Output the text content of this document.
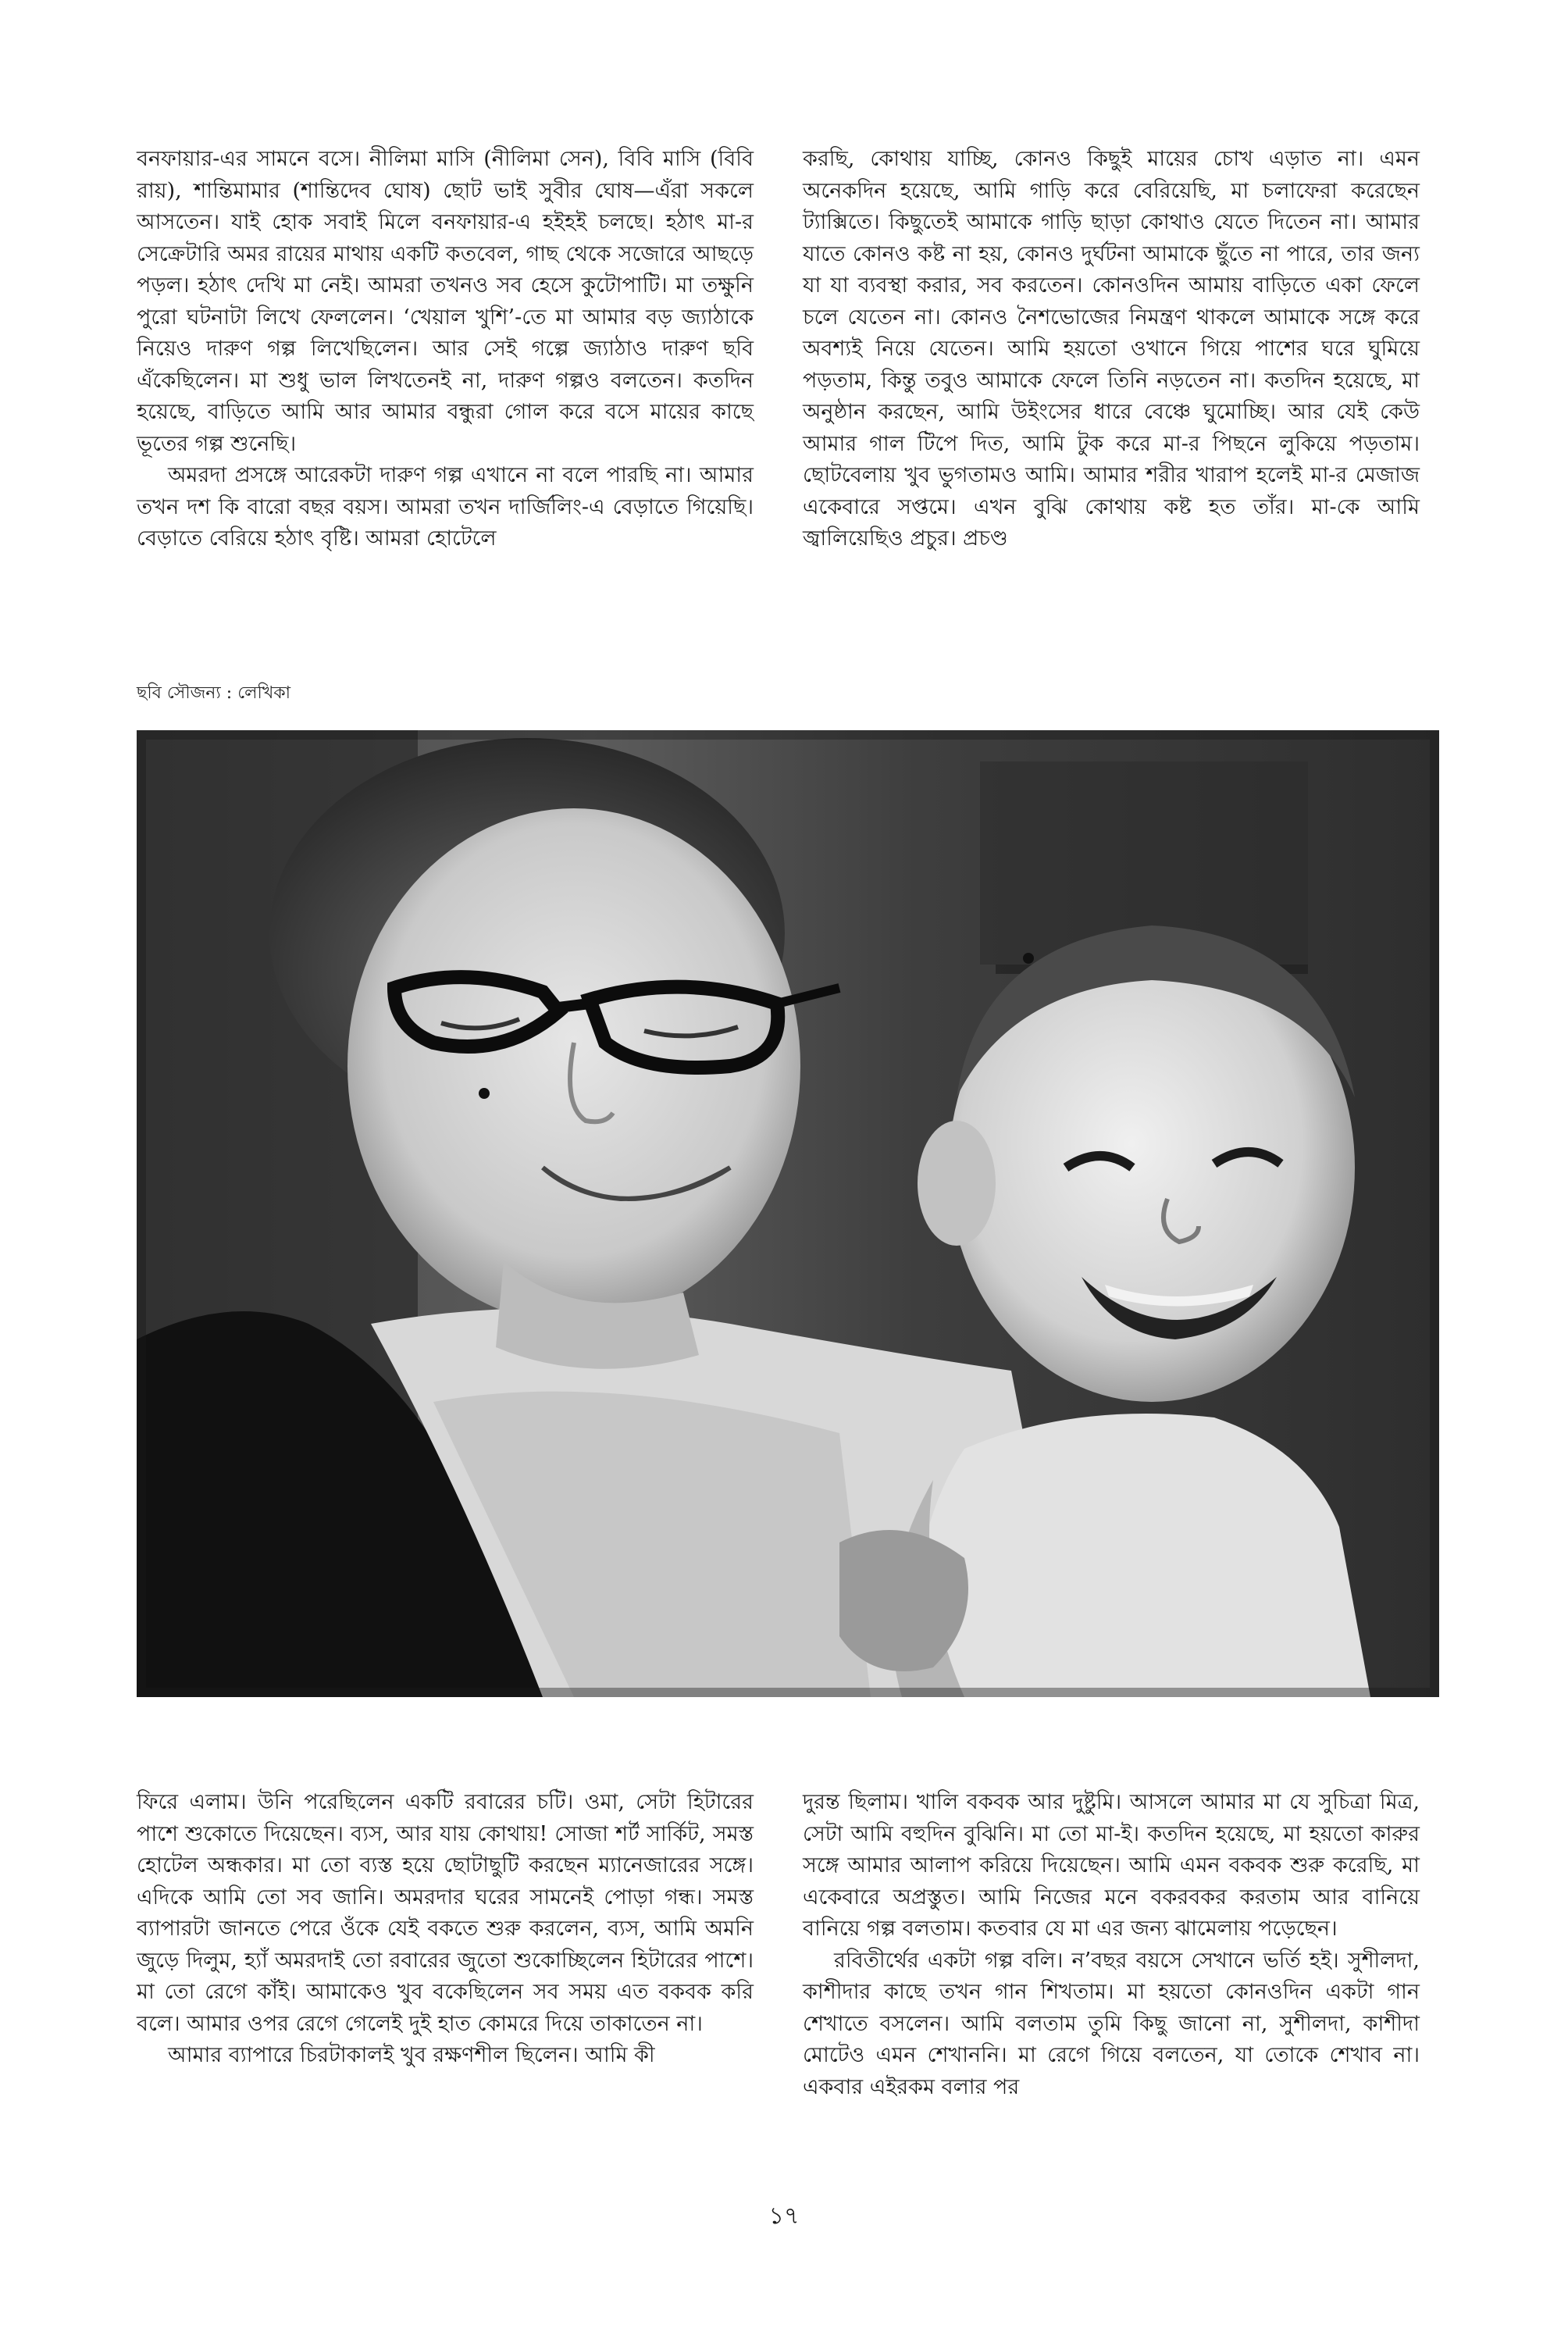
বনফায়ার-এর সামনে বসে। নীলিমা মাসি (নীলিমা সেন), বিবি মাসি (বিবি রায়), শান্তিমামার (শান্তিদেব ঘোষ) ছোট ভাই সুবীর ঘোষ—এঁরা সকলে আসতেন। যাই হোক সবাই মিলে বনফায়ার-এ হইহই চলছে। হঠাৎ মা-র সেক্রেটারি অমর রায়ের মাথায় একটি কতবেল, গাছ থেকে সজোরে আছড়ে পড়ল। হঠাৎ দেখি মা নেই। আমরা তখনও সব হেসে কুটোপাটি। মা তক্ষুনি পুরো ঘটনাটা লিখে ফেললেন। ‘খেয়াল খুশি’-তে মা আমার বড় জ্যাঠাকে নিয়েও দারুণ গল্প লিখেছিলেন। আর সেই গল্পে জ্যাঠাও দারুণ ছবি এঁকেছিলেন। মা শুধু ভাল লিখতেনই না, দারুণ গল্পও বলতেন। কতদিন হয়েছে, বাড়িতে আমি আর আমার বন্ধুরা গোল করে বসে মায়ের কাছে ভূতের গল্প শুনেছি।

অমরদা প্রসঙ্গে আরেকটা দারুণ গল্প এখানে না বলে পারছি না। আমার তখন দশ কি বারো বছর বয়স। আমরা তখন দার্জিলিং-এ বেড়াতে গিয়েছি। বেড়াতে বেরিয়ে হঠাৎ বৃষ্টি। আমরা হোটেলে

করছি, কোথায় যাচ্ছি, কোনও কিছুই মায়ের চোখ এড়াত না। এমন অনেকদিন হয়েছে, আমি গাড়ি করে বেরিয়েছি, মা চলাফেরা করেছেন ট্যাক্সিতে। কিছুতেই আমাকে গাড়ি ছাড়া কোথাও যেতে দিতেন না। আমার যাতে কোনও কষ্ট না হয়, কোনও দুর্ঘটনা আমাকে ছুঁতে না পারে, তার জন্য যা যা ব্যবস্থা করার, সব করতেন। কোনওদিন আমায় বাড়িতে একা ফেলে চলে যেতেন না। কোনও নৈশভোজের নিমন্ত্রণ থাকলে আমাকে সঙ্গে করে অবশ্যই নিয়ে যেতেন। আমি হয়তো ওখানে গিয়ে পাশের ঘরে ঘুমিয়ে পড়তাম, কিন্তু তবুও আমাকে ফেলে তিনি নড়তেন না। কতদিন হয়েছে, মা অনুষ্ঠান করছেন, আমি উইংসের ধারে বেঞ্চে ঘুমোচ্ছি। আর যেই কেউ আমার গাল টিপে দিত, আমি টুক করে মা-র পিছনে লুকিয়ে পড়তাম। ছোটবেলায় খুব ভুগতামও আমি। আমার শরীর খারাপ হলেই মা-র মেজাজ একেবারে সপ্তমে। এখন বুঝি কোথায় কষ্ট হত তাঁর। মা-কে আমি জ্বালিয়েছিও প্রচুর। প্রচণ্ড

ছবি সৌজন্য : লেখিকা

ফিরে এলাম। উনি পরেছিলেন একটি রবারের চটি। ওমা, সেটা হিটারের পাশে শুকোতে দিয়েছেন। ব্যস, আর যায় কোথায়! সোজা শর্ট সার্কিট, সমস্ত হোটেল অন্ধকার। মা তো ব্যস্ত হয়ে ছোটাছুটি করছেন ম্যানেজারের সঙ্গে। এদিকে আমি তো সব জানি। অমরদার ঘরের সামনেই পোড়া গন্ধ। সমস্ত ব্যাপারটা জানতে পেরে ওঁকে যেই বকতে শুরু করলেন, ব্যস, আমি অমনি জুড়ে দিলুম, হ্যাঁ অমরদাই তো রবারের জুতো শুকোচ্ছিলেন হিটারের পাশে। মা তো রেগে কাঁই। আমাকেও খুব বকেছিলেন সব সময় এত বকবক করি বলে। আমার ওপর রেগে গেলেই দুই হাত কোমরে দিয়ে তাকাতেন না।

আমার ব্যাপারে চিরটাকালই খুব রক্ষণশীল ছিলেন। আমি কী

দুরন্ত ছিলাম। খালি বকবক আর দুষ্টুমি। আসলে আমার মা যে সুচিত্রা মিত্র, সেটা আমি বহুদিন বুঝিনি। মা তো মা-ই। কতদিন হয়েছে, মা হয়তো কারুর সঙ্গে আমার আলাপ করিয়ে দিয়েছেন। আমি এমন বকবক শুরু করেছি, মা একেবারে অপ্রস্তুত। আমি নিজের মনে বকরবকর করতাম আর বানিয়ে বানিয়ে গল্প বলতাম। কতবার যে মা এর জন্য ঝামেলায় পড়েছেন।

রবিতীর্থের একটা গল্প বলি। ন’বছর বয়সে সেখানে ভর্তি হই। সুশীলদা, কাশীদার কাছে তখন গান শিখতাম। মা হয়তো কোনওদিন একটা গান শেখাতে বসলেন। আমি বলতাম তুমি কিছু জানো না, সুশীলদা, কাশীদা মোটেও এমন শেখাননি। মা রেগে গিয়ে বলতেন, যা তোকে শেখাব না। একবার এইরকম বলার পর

১৭
